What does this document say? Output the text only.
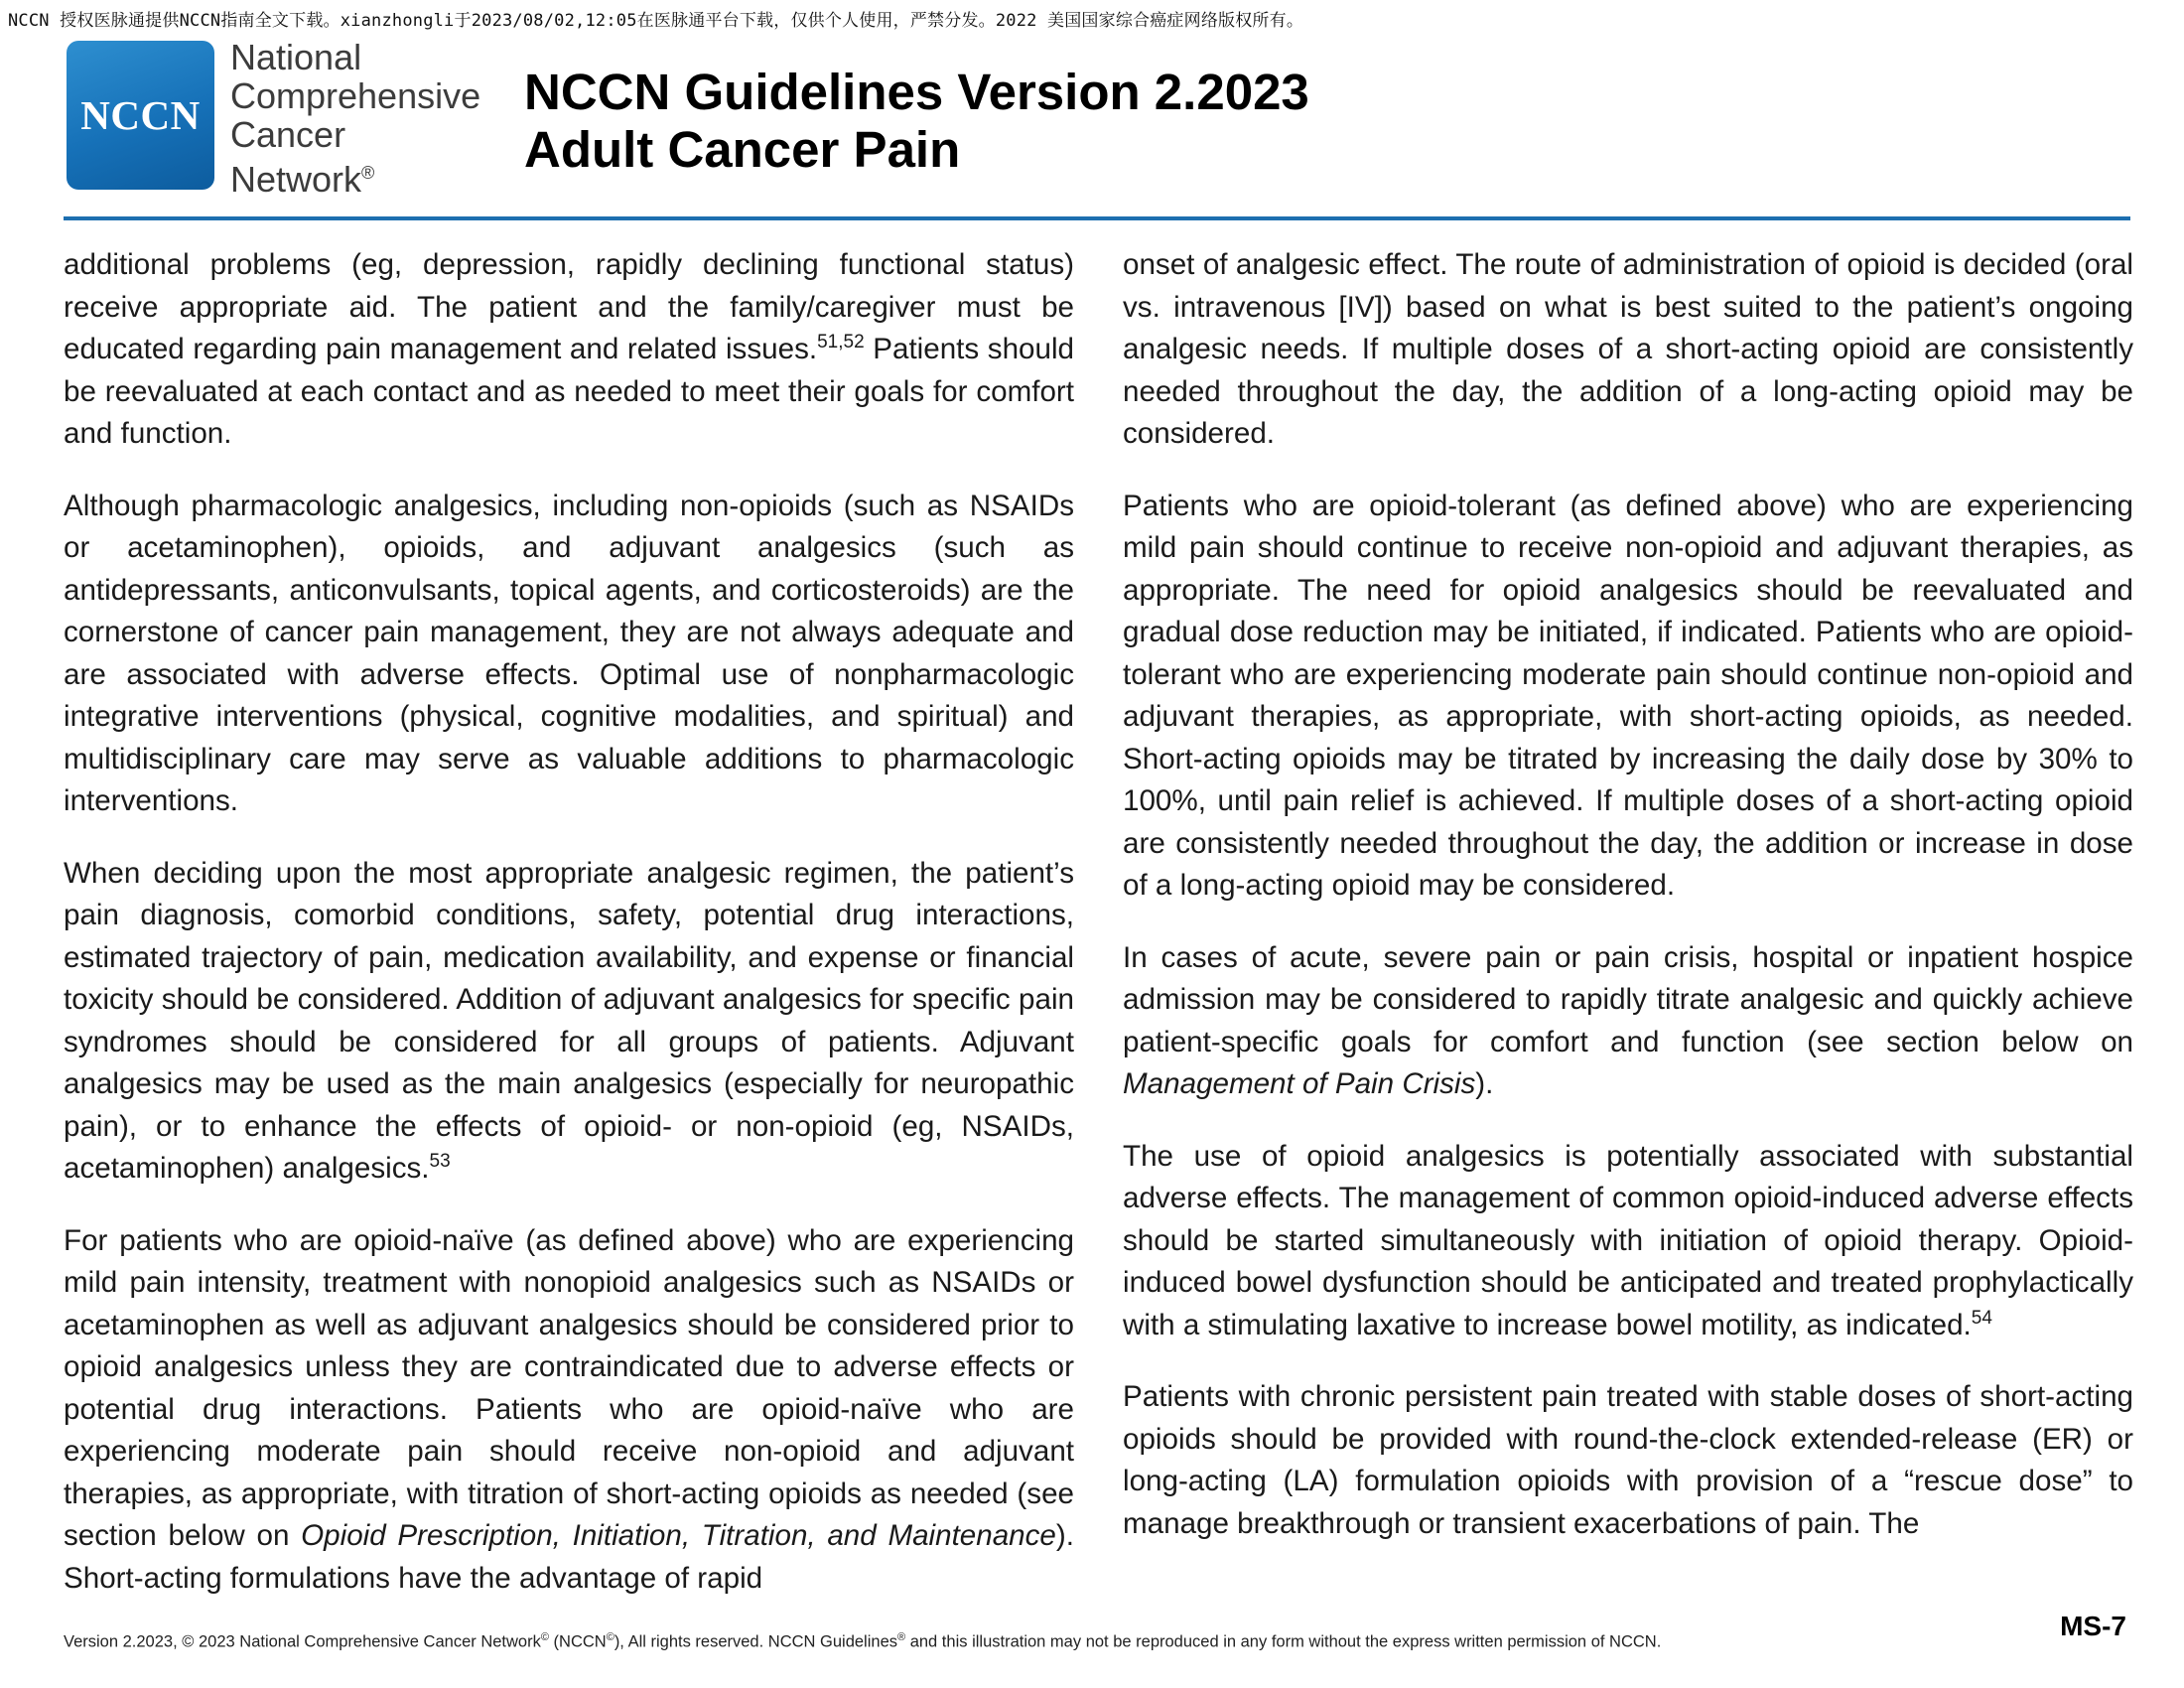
NCCN 授权医脉通提供NCCN指南全文下载。xianzhongli于2023/08/02,12:05在医脉通平台下载，仅供个人使用，严禁分发。2022 美国国家综合癌症网络版权所有。
NCCN
National
Comprehensive
Cancer
Network®
NCCN Guidelines Version 2.2023
Adult Cancer Pain

additional problems (eg, depression, rapidly declining functional status) receive appropriate aid. The patient and the family/caregiver must be educated regarding pain management and related issues.$^{51,52}$ Patients should be reevaluated at each contact and as needed to meet their goals for comfort and function.

Although pharmacologic analgesics, including non-opioids (such as NSAIDs or acetaminophen), opioids, and adjuvant analgesics (such as antidepressants, anticonvulsants, topical agents, and corticosteroids) are the cornerstone of cancer pain management, they are not always adequate and are associated with adverse effects. Optimal use of nonpharmacologic integrative interventions (physical, cognitive modalities, and spiritual) and multidisciplinary care may serve as valuable additions to pharmacologic interventions.

When deciding upon the most appropriate analgesic regimen, the patient’s pain diagnosis, comorbid conditions, safety, potential drug interactions, estimated trajectory of pain, medication availability, and expense or financial toxicity should be considered. Addition of adjuvant analgesics for specific pain syndromes should be considered for all groups of patients. Adjuvant analgesics may be used as the main analgesics (especially for neuropathic pain), or to enhance the effects of opioid- or non-opioid (eg, NSAIDs, acetaminophen) analgesics.$^{53}$

For patients who are opioid-naïve (as defined above) who are experiencing mild pain intensity, treatment with nonopioid analgesics such as NSAIDs or acetaminophen as well as adjuvant analgesics should be considered prior to opioid analgesics unless they are contraindicated due to adverse effects or potential drug interactions. Patients who are opioid-naïve who are experiencing moderate pain should receive non-opioid and adjuvant therapies, as appropriate, with titration of short-acting opioids as needed (see section below on Opioid Prescription, Initiation, Titration, and Maintenance). Short-acting formulations have the advantage of rapid

onset of analgesic effect. The route of administration of opioid is decided (oral vs. intravenous [IV]) based on what is best suited to the patient’s ongoing analgesic needs. If multiple doses of a short-acting opioid are consistently needed throughout the day, the addition of a long-acting opioid may be considered.

Patients who are opioid-tolerant (as defined above) who are experiencing mild pain should continue to receive non-opioid and adjuvant therapies, as appropriate. The need for opioid analgesics should be reevaluated and gradual dose reduction may be initiated, if indicated. Patients who are opioid-tolerant who are experiencing moderate pain should continue non-opioid and adjuvant therapies, as appropriate, with short-acting opioids, as needed. Short-acting opioids may be titrated by increasing the daily dose by 30% to 100%, until pain relief is achieved. If multiple doses of a short-acting opioid are consistently needed throughout the day, the addition or increase in dose of a long-acting opioid may be considered.

In cases of acute, severe pain or pain crisis, hospital or inpatient hospice admission may be considered to rapidly titrate analgesic and quickly achieve patient-specific goals for comfort and function (see section below on Management of Pain Crisis).

The use of opioid analgesics is potentially associated with substantial adverse effects. The management of common opioid-induced adverse effects should be started simultaneously with initiation of opioid therapy. Opioid-induced bowel dysfunction should be anticipated and treated prophylactically with a stimulating laxative to increase bowel motility, as indicated.$^{54}$

Patients with chronic persistent pain treated with stable doses of short-acting opioids should be provided with round-the-clock extended-release (ER) or long-acting (LA) formulation opioids with provision of a “rescue dose” to manage breakthrough or transient exacerbations of pain. The

Version 2.2023, © 2023 National Comprehensive Cancer Network© (NCCN©), All rights reserved. NCCN Guidelines® and this illustration may not be reproduced in any form without the express written permission of NCCN.
MS-7
